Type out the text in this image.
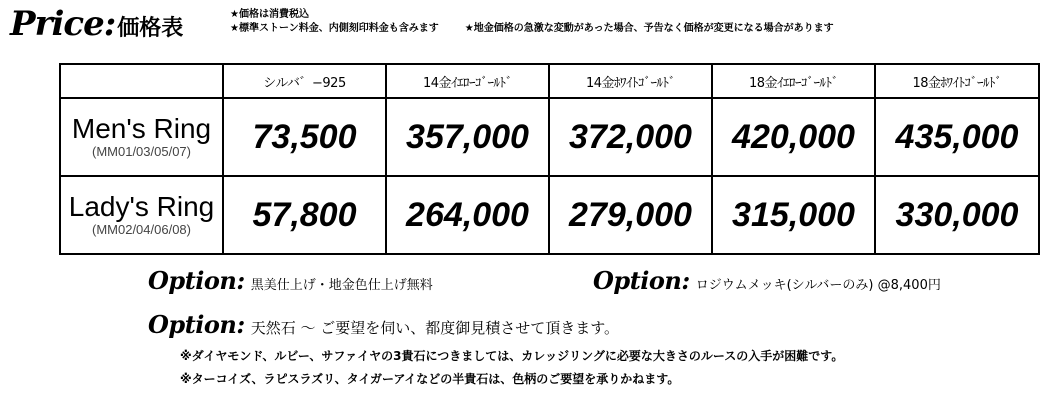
Price:価格表
★価格は消費税込
★標準ストーン料金、内側刻印料金も含みます	★地金価格の急激な変動があった場合、予告なく価格が変更になる場合があります
	シルバ゛−925	14金ｲｴﾛｰｺﾞｰﾙﾄﾞ	14金ﾎﾜｲﾄｺﾞｰﾙﾄﾞ	18金ｲｴﾛｰｺﾞｰﾙﾄﾞ	18金ﾎﾜｲﾄｺﾞｰﾙﾄﾞ

Men's Ring
(MM01/03/05/07)	73,500	357,000	372,000	420,000	435,000

Lady's Ring
(MM02/04/06/08)	57,800	264,000	279,000	315,000	330,000
Option: 黒美仕上げ・地金色仕上げ無料	Option: ロジウムメッキ(シルバーのみ) @8,400円
Option: 天然石 〜 ご要望を伺い、都度御見積させて頂きます。
※ダイヤモンド、ルビー、サファイヤの3貴石につきましては、カレッジリングに必要な大きさのルースの入手が困難です。
※ターコイズ、ラピスラズリ、タイガーアイなどの半貴石は、色柄のご要望を承りかねます。
